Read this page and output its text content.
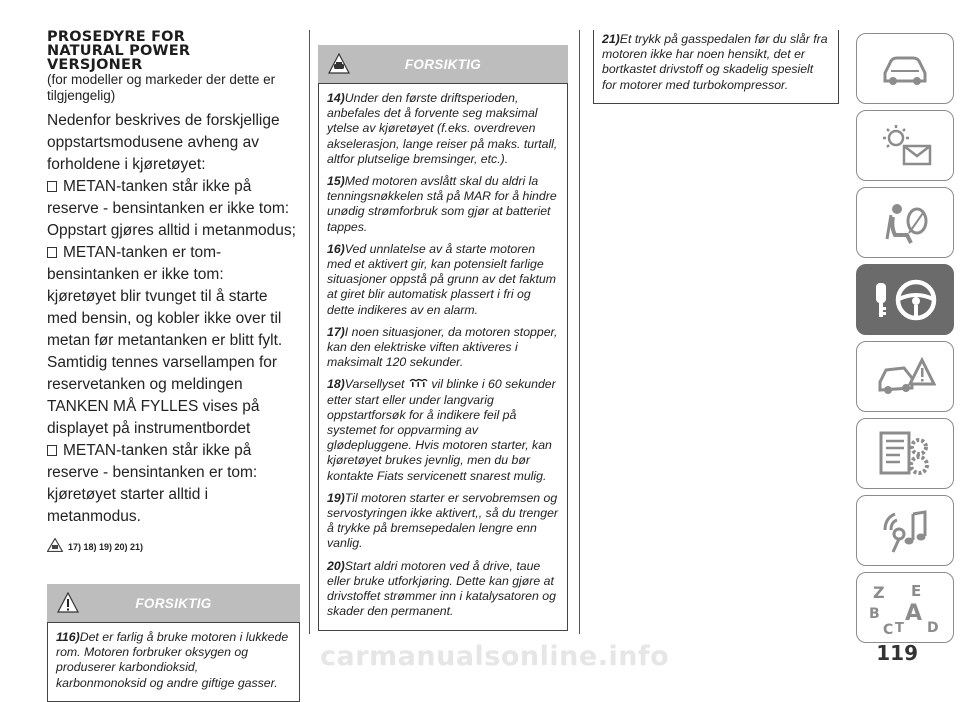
PROSEDYRE FOR
NATURAL POWER
VERSJONER

(for modeller og markeder der dette er tilgjengelig)

Nedenfor beskrives de forskjellige oppstartsmodusene avheng av forholdene i kjøretøyet:

METAN-tanken står ikke på reserve - bensintanken er ikke tom:

Oppstart gjøres alltid i metanmodus;

METAN-tanken er tom- bensintanken er ikke tom:

kjøretøyet blir tvunget til å starte med bensin, og kobler ikke over til metan før metantanken er blitt fylt. Samtidig tennes varsellampen for reservetanken og meldingen TANKEN MÅ FYLLES vises på displayet på instrumentbordet

METAN-tanken står ikke på reserve - bensintanken er tom:

kjøretøyet starter alltid i metanmodus.

17) 18) 19) 20) 21)
FORSIKTIG

116)Det er farlig å bruke motoren i lukkede rom. Motoren forbruker oksygen og produserer karbondioksid, karbonmonoksid og andre giftige gasser.

FORSIKTIG

14)Under den første driftsperioden, anbefales det å forvente seg maksimal ytelse av kjøretøyet (f.eks. overdreven akselerasjon, lange reiser på maks. turtall, altfor plutselige bremsinger, etc.).

15)Med motoren avslått skal du aldri la tenningsnøkkelen stå på MAR for å hindre unødig strømforbruk som gjør at batteriet tappes.

16)Ved unnlatelse av å starte motoren med et aktivert gir, kan potensielt farlige situasjoner oppstå på grunn av det faktum at giret blir automatisk plassert i fri og dette indikeres av en alarm.

17)I noen situasjoner, da motoren stopper, kan den elektriske viften aktiveres i maksimalt 120 sekunder.

18)Varsellyset vil blinke i 60 sekunder etter start eller under langvarig oppstartforsøk for å indikere feil på systemet for oppvarming av glødepluggene. Hvis motoren starter, kan kjøretøyet brukes jevnlig, men du bør kontakte Fiats servicenett snarest mulig.

19)Til motoren starter er servobremsen og servostyringen ikke aktivert,, så du trenger å trykke på bremsepedalen lengre enn vanlig.

20)Start aldri motoren ved å drive, taue eller bruke utforkjøring. Dette kan gjøre at drivstoffet strømmer inn i katalysatoren og skader den permanent.

21)Et trykk på gasspedalen før du slår fra motoren ikke har noen hensikt, det er bortkastet drivstoff og skadelig spesielt for motorer med turbokompressor.

Z E
B A
C T D
carmanualsonline.info	119
